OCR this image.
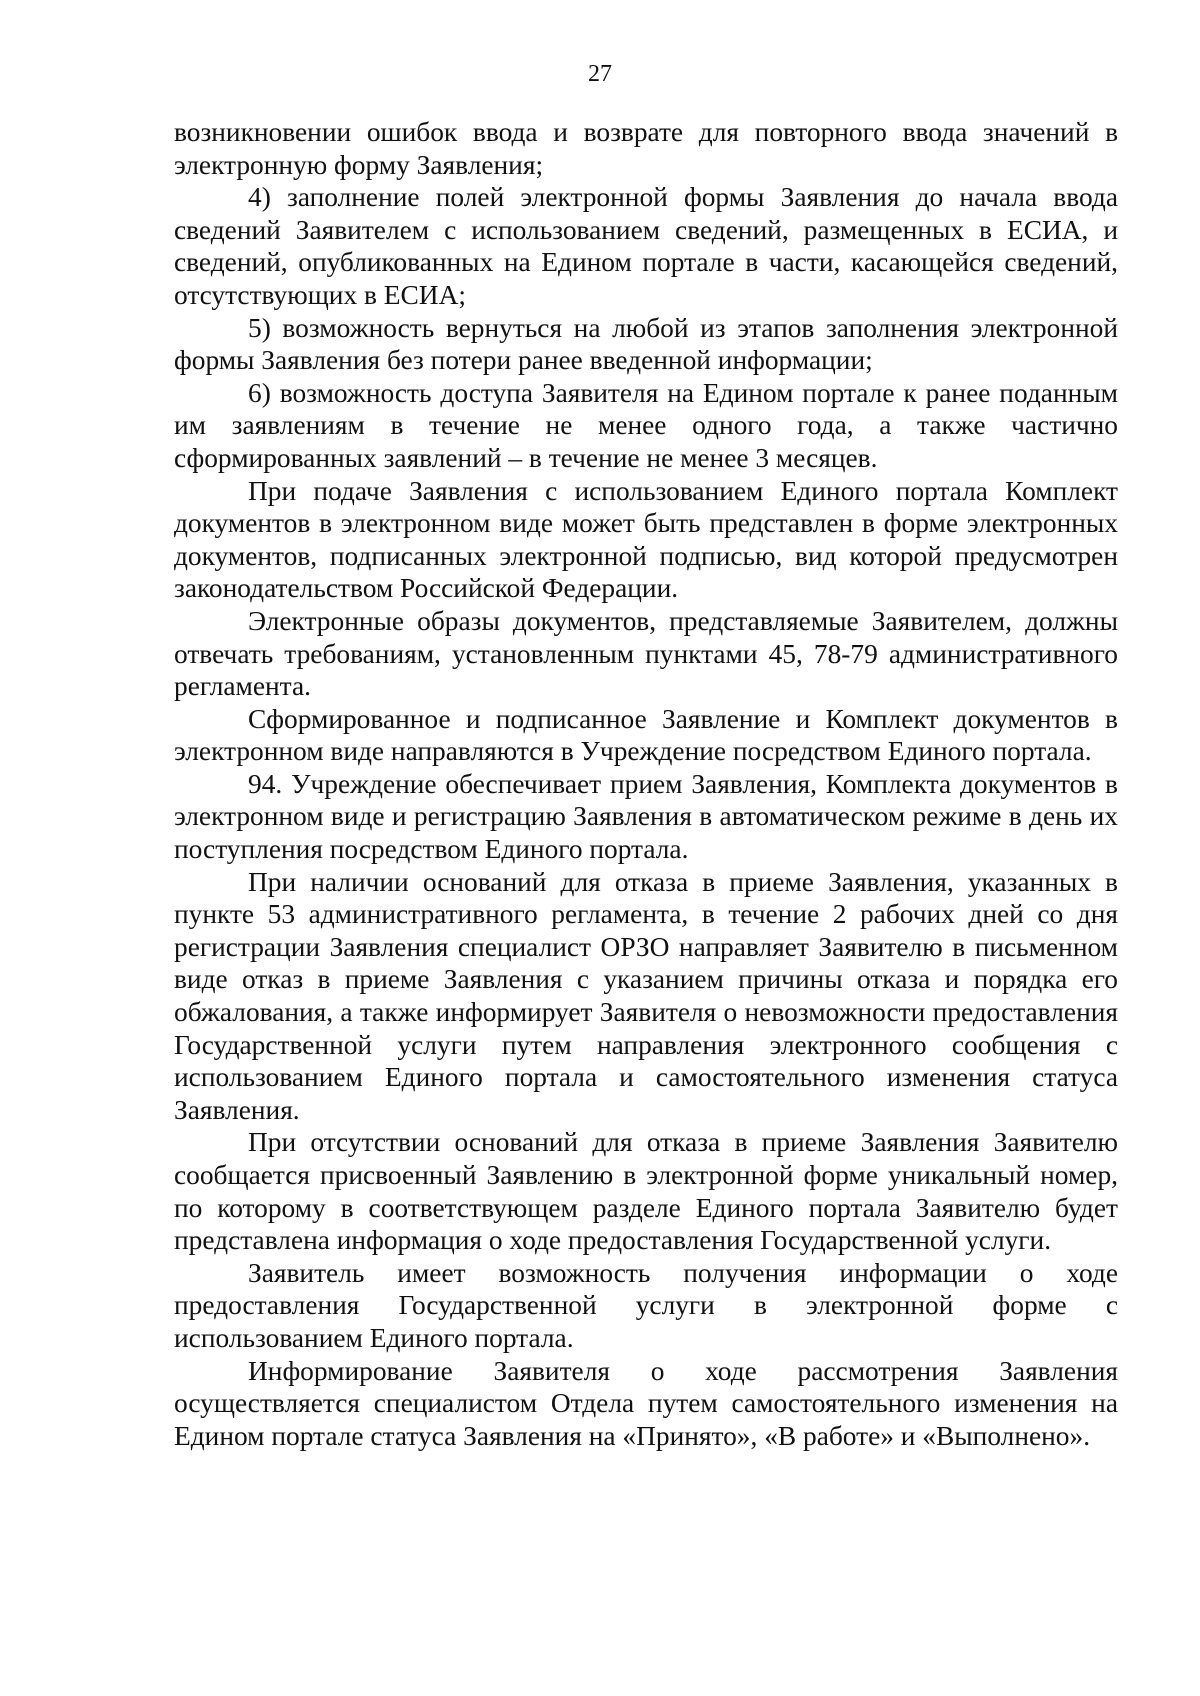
27

возникновении ошибок ввода и возврате для повторного ввода значений в электронную форму Заявления;

4) заполнение полей электронной формы Заявления до начала ввода сведений Заявителем с использованием сведений, размещенных в ЕСИА, и сведений, опубликованных на Едином портале в части, касающейся сведений, отсутствующих в ЕСИА;

5) возможность вернуться на любой из этапов заполнения электронной формы Заявления без потери ранее введенной информации;

6) возможность доступа Заявителя на Едином портале к ранее поданным им заявлениям в течение не менее одного года, а также частично сформированных заявлений – в течение не менее 3 месяцев.

При подаче Заявления с использованием Единого портала Комплект документов в электронном виде может быть представлен в форме электронных документов, подписанных электронной подписью, вид которой предусмотрен законодательством Российской Федерации.

Электронные образы документов, представляемые Заявителем, должны отвечать требованиям, установленным пунктами 45, 78-79 административного регламента.

Сформированное и подписанное Заявление и Комплект документов в электронном виде направляются в Учреждение посредством Единого портала.

94. Учреждение обеспечивает прием Заявления, Комплекта документов в электронном виде и регистрацию Заявления в автоматическом режиме в день их поступления посредством Единого портала.

При наличии оснований для отказа в приеме Заявления, указанных в пункте 53 административного регламента, в течение 2 рабочих дней со дня регистрации Заявления специалист ОРЗО направляет Заявителю в письменном виде отказ в приеме Заявления с указанием причины отказа и порядка его обжалования, а также информирует Заявителя о невозможности предоставления Государственной услуги путем направления электронного сообщения с использованием Единого портала и самостоятельного изменения статуса Заявления.

При отсутствии оснований для отказа в приеме Заявления Заявителю сообщается присвоенный Заявлению в электронной форме уникальный номер, по которому в соответствующем разделе Единого портала Заявителю будет представлена информация о ходе предоставления Государственной услуги.

Заявитель имеет возможность получения информации о ходе предоставления Государственной услуги в электронной форме с использованием Единого портала.

Информирование Заявителя о ходе рассмотрения Заявления осуществляется специалистом Отдела путем самостоятельного изменения на Едином портале статуса Заявления на «Принято», «В работе» и «Выполнено».
